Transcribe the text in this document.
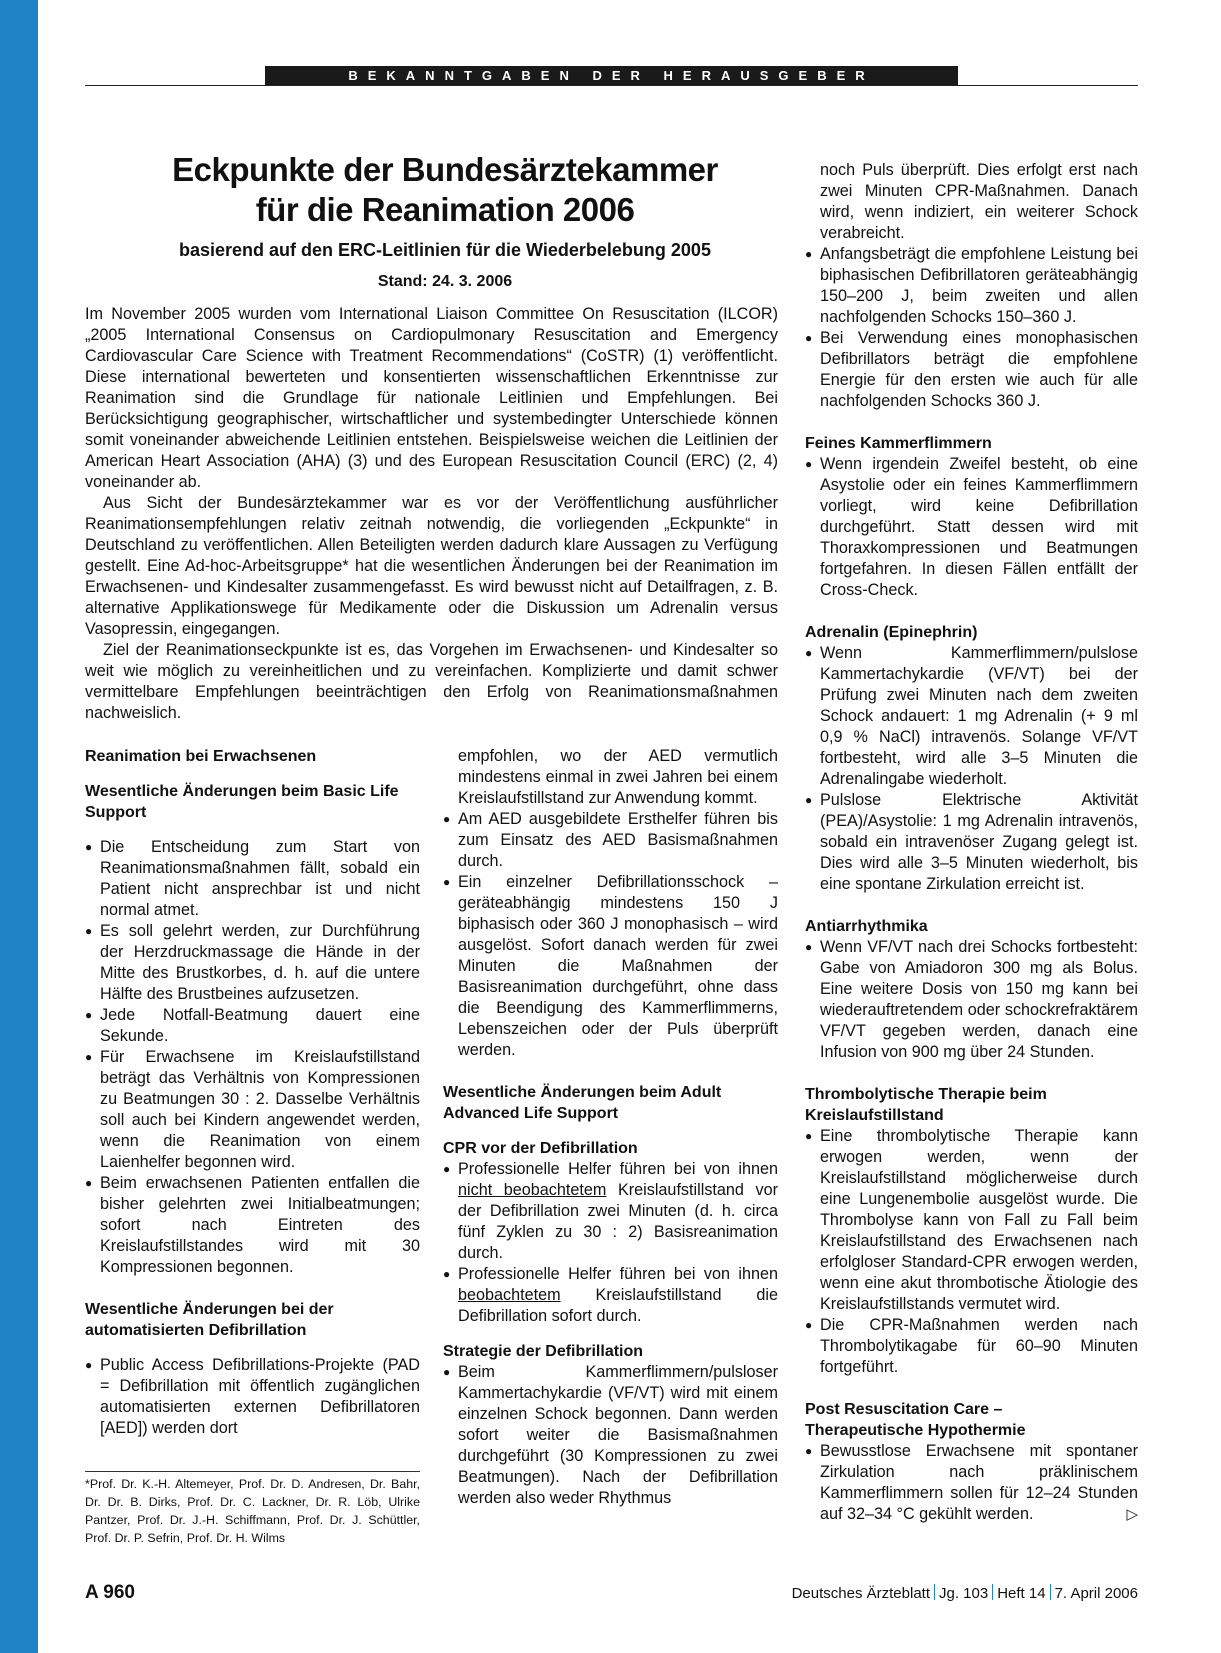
BEKANNTGABEN DER HERAUSGEBER
Eckpunkte der Bundesärztekammer
für die Reanimation 2006
basierend auf den ERC-Leitlinien für die Wiederbelebung 2005
Stand: 24. 3. 2006

Im November 2005 wurden vom International Liaison Committee On Resuscitation (ILCOR) „2005 International Consensus on Cardiopulmonary Resuscitation and Emergency Cardiovascular Care Science with Treatment Recommendations“ (CoSTR) (1) veröffentlicht. Diese international bewerteten und konsentierten wissenschaftlichen Erkenntnisse zur Reanimation sind die Grundlage für nationale Leitlinien und Empfehlungen. Bei Berücksichtigung geographischer, wirtschaftlicher und systembedingter Unterschiede können somit voneinander abweichende Leitlinien entstehen. Beispielsweise weichen die Leitlinien der American Heart Association (AHA) (3) und des European Resuscitation Council (ERC) (2, 4) voneinander ab.

Aus Sicht der Bundesärztekammer war es vor der Veröffentlichung ausführlicher Reanimationsempfehlungen relativ zeitnah notwendig, die vorliegenden „Eckpunkte“ in Deutschland zu veröffentlichen. Allen Beteiligten werden dadurch klare Aussagen zu Verfügung gestellt. Eine Ad-hoc-Arbeitsgruppe* hat die wesentlichen Änderungen bei der Reanimation im Erwachsenen- und Kindesalter zusammengefasst. Es wird bewusst nicht auf Detailfragen, z. B. alternative Applikationswege für Medikamente oder die Diskussion um Adrenalin versus Vasopressin, eingegangen.

Ziel der Reanimationseckpunkte ist es, das Vorgehen im Erwachsenen- und Kindesalter so weit wie möglich zu vereinheitlichen und zu vereinfachen. Komplizierte und damit schwer vermittelbare Empfehlungen beeinträchtigen den Erfolg von Reanimationsmaßnahmen nachweislich.

Reanimation bei Erwachsenen
Wesentliche Änderungen beim Basic Life Support
● Die Entscheidung zum Start von Reanimationsmaßnahmen fällt, sobald ein Patient nicht ansprechbar ist und nicht normal atmet.
● Es soll gelehrt werden, zur Durchführung der Herzdruckmassage die Hände in der Mitte des Brustkorbes, d. h. auf die untere Hälfte des Brustbeines aufzusetzen.
● Jede Notfall-Beatmung dauert eine Sekunde.
● Für Erwachsene im Kreislaufstillstand beträgt das Verhältnis von Kompressionen zu Beatmungen 30 : 2. Dasselbe Verhältnis soll auch bei Kindern angewendet werden, wenn die Reanimation von einem Laienhelfer begonnen wird.
● Beim erwachsenen Patienten entfallen die bisher gelehrten zwei Initialbeatmungen; sofort nach Eintreten des Kreislaufstillstandes wird mit 30 Kompressionen begonnen.
Wesentliche Änderungen bei der automatisierten Defibrillation
● Public Access Defibrillations-Projekte (PAD = Defibrillation mit öffentlich zugänglichen automatisierten externen Defibrillatoren [AED]) werden dort
*Prof. Dr. K.-H. Altemeyer, Prof. Dr. D. Andresen, Dr. Bahr, Dr. Dr. B. Dirks, Prof. Dr. C. Lackner, Dr. R. Löb, Ulrike Pantzer, Prof. Dr. J.-H. Schiffmann, Prof. Dr. J. Schüttler, Prof. Dr. P. Sefrin, Prof. Dr. H. Wilms
empfohlen, wo der AED vermutlich mindestens einmal in zwei Jahren bei einem Kreislaufstillstand zur Anwendung kommt.
● Am AED ausgebildete Ersthelfer führen bis zum Einsatz des AED Basismaßnahmen durch.
● Ein einzelner Defibrillationsschock – geräteabhängig mindestens 150 J biphasisch oder 360 J monophasisch – wird ausgelöst. Sofort danach werden für zwei Minuten die Maßnahmen der Basisreanimation durchgeführt, ohne dass die Beendigung des Kammerflimmerns, Lebenszeichen oder der Puls überprüft werden.
Wesentliche Änderungen beim Adult Advanced Life Support
CPR vor der Defibrillation
● Professionelle Helfer führen bei von ihnen nicht beobachtetem Kreislaufstillstand vor der Defibrillation zwei Minuten (d. h. circa fünf Zyklen zu 30 : 2) Basisreanimation durch.
● Professionelle Helfer führen bei von ihnen beobachtetem Kreislaufstillstand die Defibrillation sofort durch.
Strategie der Defibrillation
● Beim Kammerflimmern/pulsloser Kammertachykardie (VF/VT) wird mit einem einzelnen Schock begonnen. Dann werden sofort weiter die Basismaßnahmen durchgeführt (30 Kompressionen zu zwei Beatmungen). Nach der Defibrillation werden also weder Rhythmus
noch Puls überprüft. Dies erfolgt erst nach zwei Minuten CPR-Maßnahmen. Danach wird, wenn indiziert, ein weiterer Schock verabreicht.
● Anfangsbeträgt die empfohlene Leistung bei biphasischen Defibrillatoren geräteabhängig 150–200 J, beim zweiten und allen nachfolgenden Schocks 150–360 J.
● Bei Verwendung eines monophasischen Defibrillators beträgt die empfohlene Energie für den ersten wie auch für alle nachfolgenden Schocks 360 J.
Feines Kammerflimmern
● Wenn irgendein Zweifel besteht, ob eine Asystolie oder ein feines Kammerflimmern vorliegt, wird keine Defibrillation durchgeführt. Statt dessen wird mit Thoraxkompressionen und Beatmungen fortgefahren. In diesen Fällen entfällt der Cross-Check.
Adrenalin (Epinephrin)
● Wenn Kammerflimmern/pulslose Kammertachykardie (VF/VT) bei der Prüfung zwei Minuten nach dem zweiten Schock andauert: 1 mg Adrenalin (+ 9 ml 0,9 % NaCl) intravenös. Solange VF/VT fortbesteht, wird alle 3–5 Minuten die Adrenalingabe wiederholt.
● Pulslose Elektrische Aktivität (PEA)/Asystolie: 1 mg Adrenalin intravenös, sobald ein intravenöser Zugang gelegt ist. Dies wird alle 3–5 Minuten wiederholt, bis eine spontane Zirkulation erreicht ist.
Antiarrhythmika
● Wenn VF/VT nach drei Schocks fortbesteht: Gabe von Amiadoron 300 mg als Bolus. Eine weitere Dosis von 150 mg kann bei wiederauftretendem oder schockrefraktärem VF/VT gegeben werden, danach eine Infusion von 900 mg über 24 Stunden.
Thrombolytische Therapie beim Kreislaufstillstand
● Eine thrombolytische Therapie kann erwogen werden, wenn der Kreislaufstillstand möglicherweise durch eine Lungenembolie ausgelöst wurde. Die Thrombolyse kann von Fall zu Fall beim Kreislaufstillstand des Erwachsenen nach erfolgloser Standard-CPR erwogen werden, wenn eine akut thrombotische Ätiologie des Kreislaufstillstands vermutet wird.
● Die CPR-Maßnahmen werden nach Thrombolytikagabe für 60–90 Minuten fortgeführt.
Post Resuscitation Care –
Therapeutische Hypothermie
● Bewusstlose Erwachsene mit spontaner Zirkulation nach präklinischem Kammerflimmern sollen für 12–24 Stunden auf 32–34 °C gekühlt werden.	▷
A 960	Deutsches Ärzteblatt Jg. 103 Heft 14 7. April 2006
